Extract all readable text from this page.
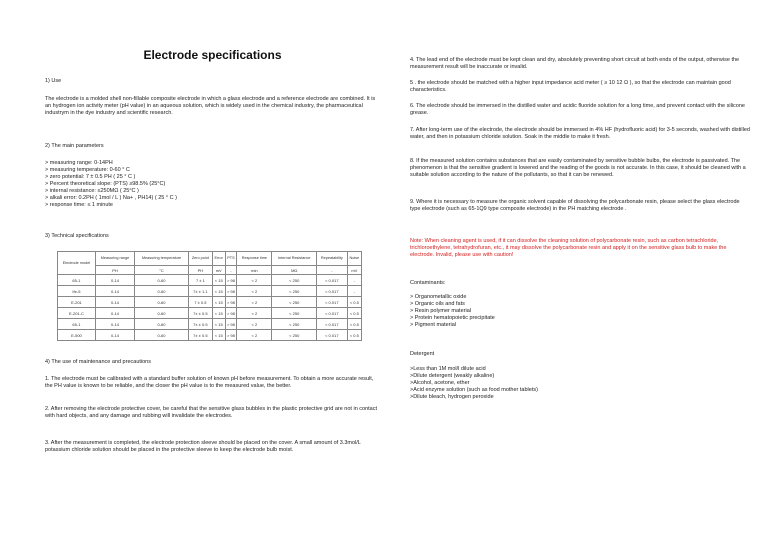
Electrode specifications

1) Use

The electrode is a molded shell non-fillable composite electrode in which a glass electrode and a reference electrode are combined. It is an hydrogen ion activity meter (pH value) in an aqueous solution, which is widely used in the chemical industry, the pharmaceutical industrym in the dye industry and scientific research.

2) The main parameters

> measuring range: 0-14PH

> measuring temperature: 0-60 ° C

> zero potential: 7 ± 0.5 PH ( 25 ° C )

> Percent theoretical slope: (PTS) ≥98.5% (25°C)

> internal resistance: ≤250MΩ ( 25°C )

> alkali error: 0.2PH ( 1mol / L ) Na+ , PH14) ( 25 ° C )

> response time: ≤ 1 minute

3) Technical specifications

Electrode model	Measuring range	Measuring temperature	Zero point	Error	PTS	Response time	Internal Resistance	Repeatability	Noise
	PH	°C	PH	mV	-	min	MΩ	-	mV
65-1	0-14	0-60	7 ± 1	< 15	> 98	< 2	< 250	< 0.017	-
Ife-5	0-14	0-60	7± ± 1.1	< 15	> 98	< 2	< 250	< 0.017	-
E-201	0-14	0-60	7 ± 0.5	< 15	> 98	< 2	< 250	< 0.017	< 0.5
E-201-C	0-14	0-60	7± ± 0.5	< 15	> 98	< 2	< 250	< 0.017	< 0.5
65-1	0-14	0-60	7± ± 0.5	< 15	> 98	< 2	< 250	< 0.017	< 0.5
E-500	0-14	0-60	7± ± 0.5	< 15	> 98	< 2	< 250	< 0.017	< 0.5

4) The use of maintenance and precautions

1. The electrode must be calibrated with a standard buffer solution of known pH before measurement. To obtain a more accurate result, the PH value is known to be reliable, and the closer the pH value is to the measured value, the better.

2. After removing the electrode protective cover, be careful that the sensitive glass bubbles in the plastic protective grid are not in contact with hard objects, and any damage and rubbing will invalidate the electrodes.

3. After the measurement is completed, the electrode protection sleeve should be placed on the cover. A small amount of 3.3mol/L potassium chloride solution should be placed in the protective sleeve to keep the electrode bulb moist.

4. The lead end of the electrode must be kept clean and dry, absolutely preventing short circuit at both ends of the output, otherwise the measurement result will be inaccurate or invalid.

5 . the electrode should be matched with a higher input impedance acid meter ( ≥ 10 12 Ω ), so that the electrode can maintain good characteristics.

6. The electrode should be immersed in the distilled water and acidic fluoride solution for a long time, and prevent contact with the silicone grease.

7. After long-term use of the electrode, the electrode should be immersed in 4% HF (hydrofluoric acid) for 3-5 seconds, washed with distilled water, and then in potassium chloride solution. Soak in the middle to make it fresh.

8. If the measured solution contains substances that are easily contaminated by sensitive bubble bulbs, the electrode is passivated. The phenomenon is that the sensitive gradient is lowered and the reading of the goods is not accurate. In this case, it should be cleaned with a suitable solution according to the nature of the pollutants, so that it can be renewed.

9. Where it is necessary to measure the organic solvent capable of dissolving the polycarbonate resin, please select the glass electrode type electrode (such as 65-1Q9 type composite electrode) in the PH matching electrode .

Note: When cleaning agent is used, if it can dissolve the cleaning solution of polycarbonate resin, such as carbon tetrachloride, trichloroethylene, tetrahydrofuran, etc., it may dissolve the polycarbonate resin and apply it on the sensitive glass bulb to make the electrode. Invalid, please use with caution!

Contaminants:

> Organometallic oxide

> Organic oils and fats

> Resin polymer material

> Protein hematopoietic precipitate

> Pigment material

Detergent

>Less than 1M mol/l dilute acid

>Dilute detergent (weakly alkaline)

>Alcohol, acetone, ether

>Acid enzyme solution (such as food mother tablets)

>Dilute bleach, hydrogen peroxide
